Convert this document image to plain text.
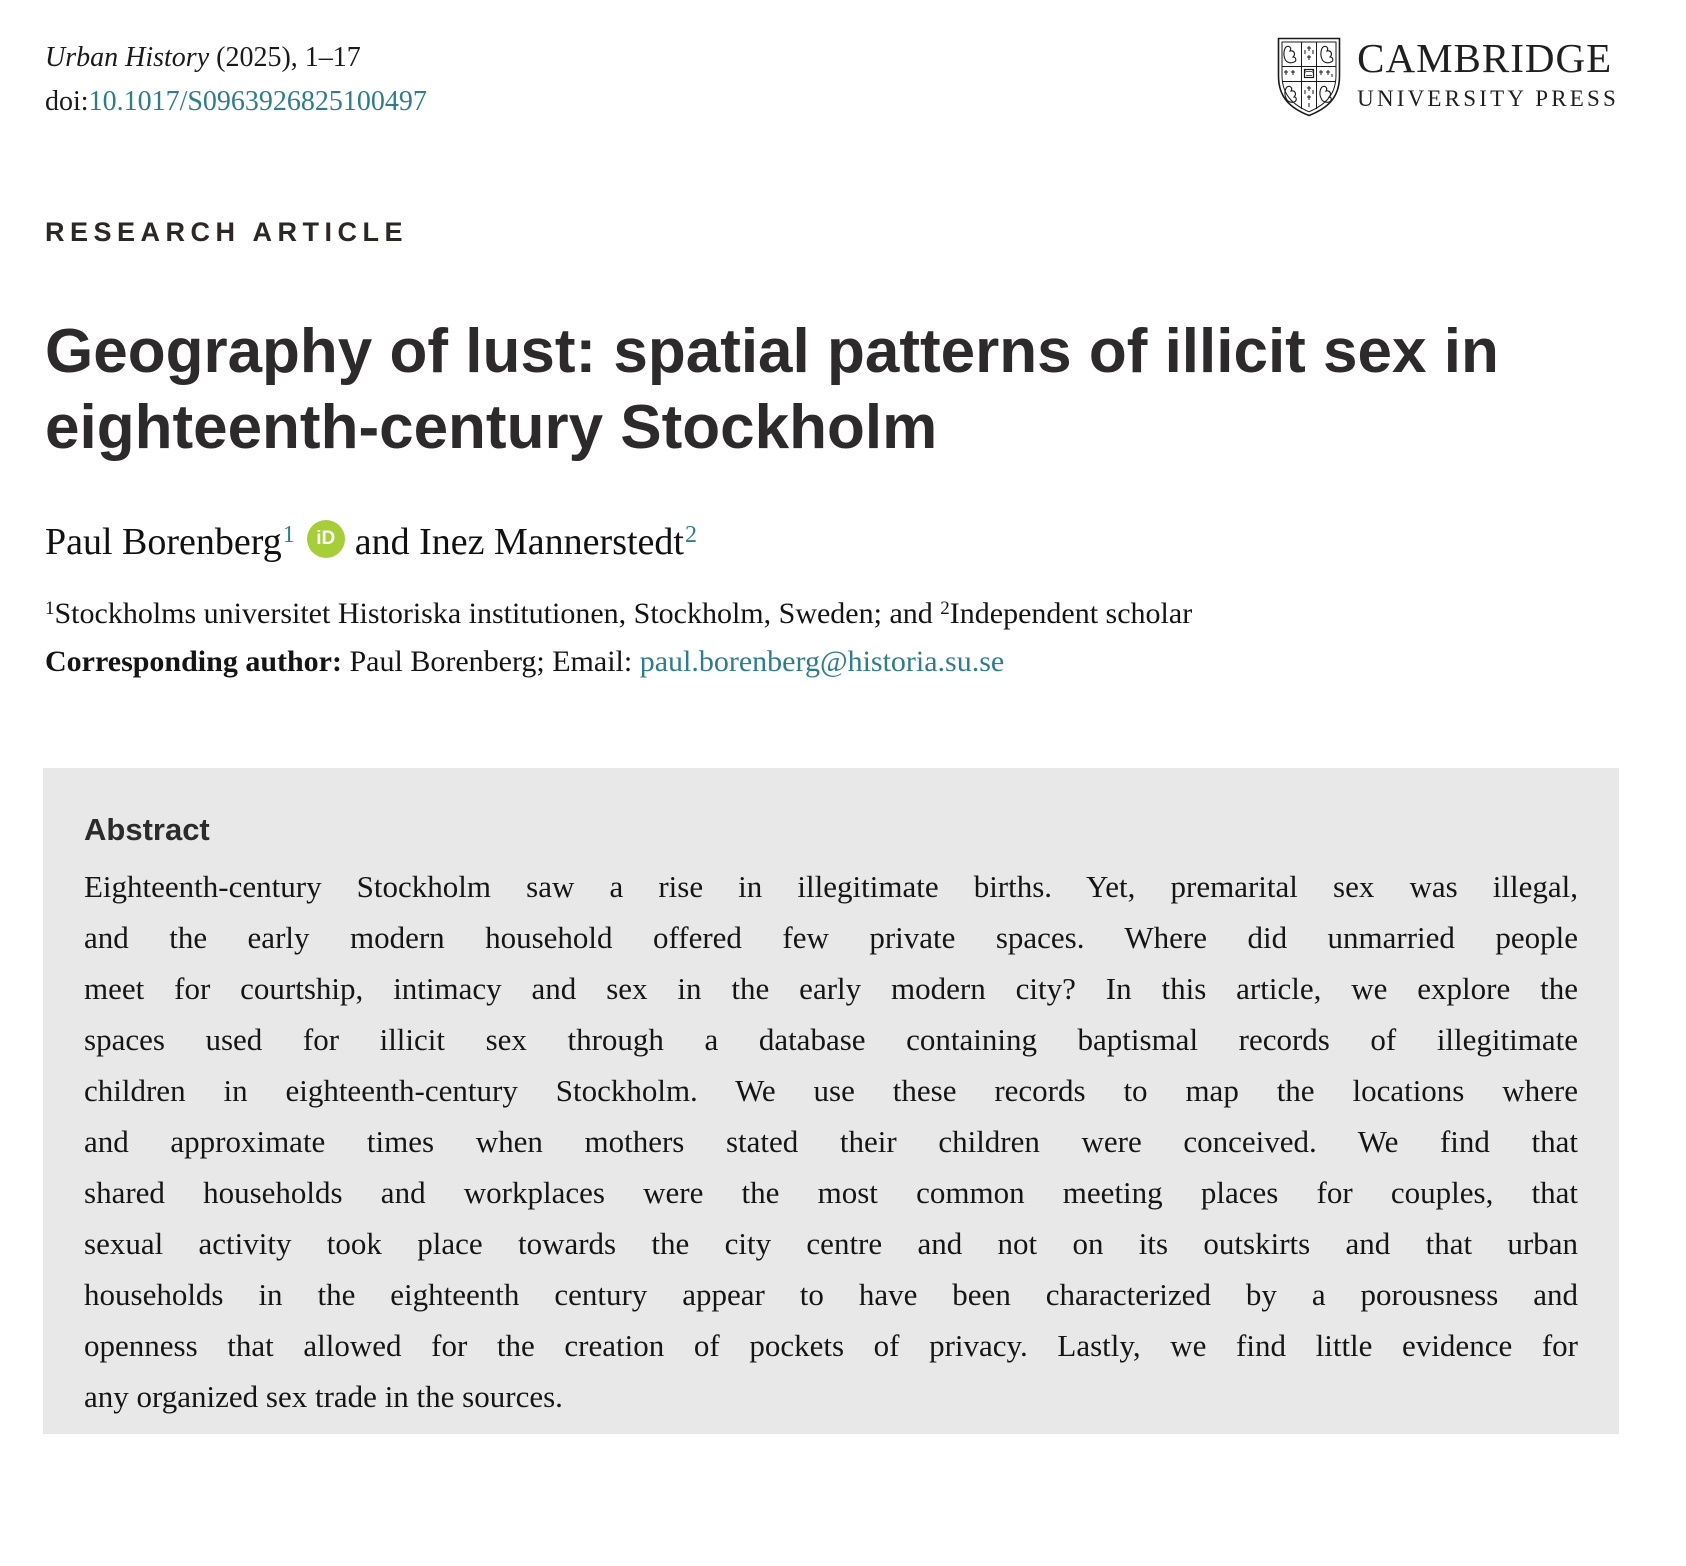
Urban History (2025), 1–17
doi:10.1017/S0963926825100497
CAMBRIDGE
UNIVERSITY PRESS
RESEARCH ARTICLE
Geography of lust: spatial patterns of illicit sex in
eighteenth-century Stockholm
Paul Borenberg$^1$	iD and Inez Mannerstedt$^2$
$^1$Stockholms universitet Historiska institutionen, Stockholm, Sweden; and $^2$Independent scholar
Corresponding author: Paul Borenberg; Email: paul.borenberg@historia.su.se
Abstract
Eighteenth-century Stockholm saw a rise in illegitimate births. Yet, premarital sex was illegal,
and the early modern household offered few private spaces. Where did unmarried people
meet for courtship, intimacy and sex in the early modern city? In this article, we explore the
spaces used for illicit sex through a database containing baptismal records of illegitimate
children in eighteenth-century Stockholm. We use these records to map the locations where
and approximate times when mothers stated their children were conceived. We find that
shared households and workplaces were the most common meeting places for couples, that
sexual activity took place towards the city centre and not on its outskirts and that urban
households in the eighteenth century appear to have been characterized by a porousness and
openness that allowed for the creation of pockets of privacy. Lastly, we find little evidence for
any organized sex trade in the sources.
